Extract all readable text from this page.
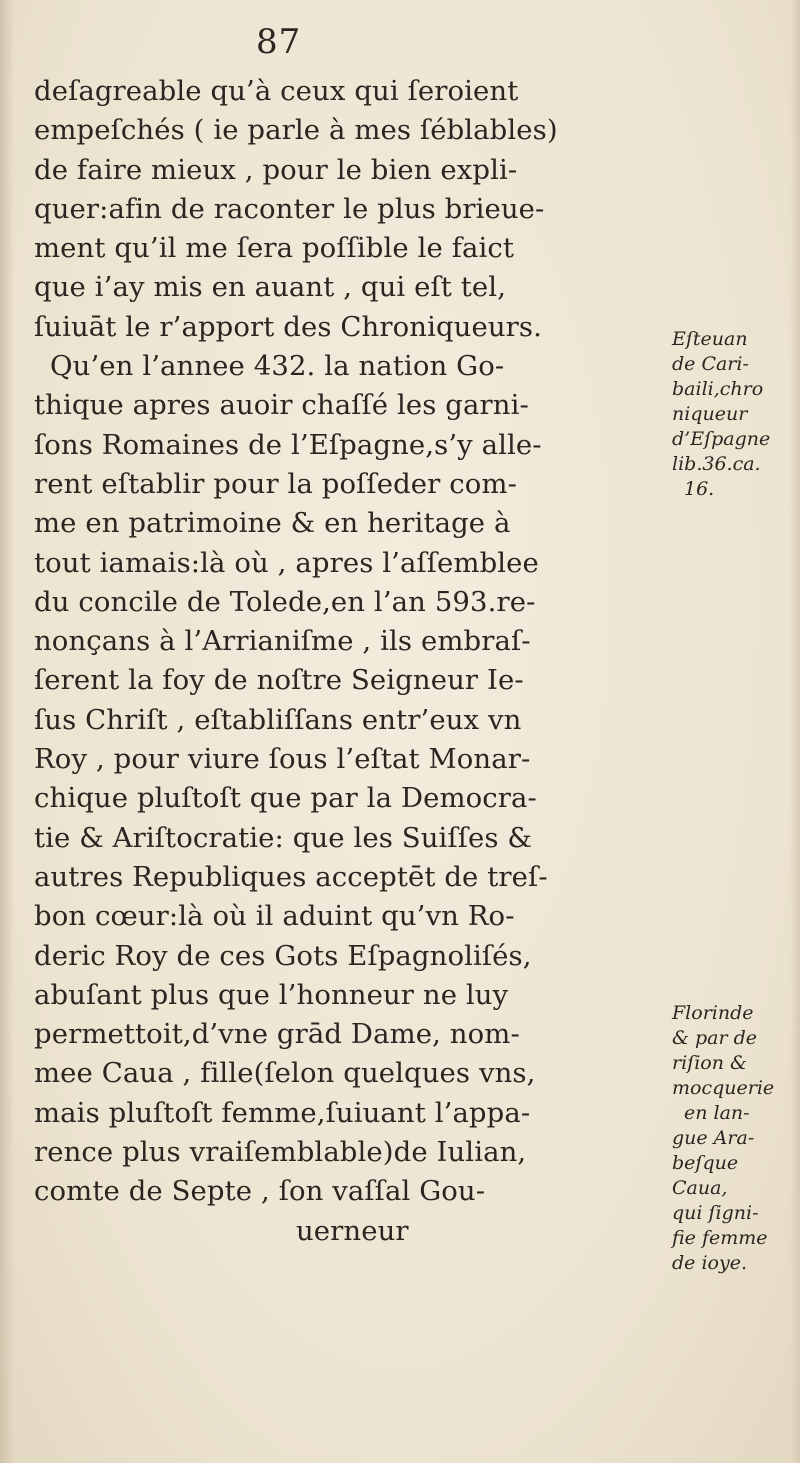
87
deſagreable qu’à ceux qui ſeroient
empeſchés ( ie parle à mes ſéblables)
de faire mieux , pour le bien expli-
quer:afin de raconter le plus brieue-
ment qu’il me ſera poſſible le faict
que i’ay mis en auant , qui eſt tel,
ſuiuāt le r’apport des Chroniqueurs.
Qu’en l’annee 432. la nation Go-
thique apres auoir chaſſé les garni-
ſons Romaines de l’Eſpagne,s’y alle-
rent eſtablir pour la poſſeder com-
me en patrimoine & en heritage à
tout iamais:là où , apres l’aſſemblee
du concile de Tolede,en l’an 593.re-
nonçans à l’Arrianiſme , ils embraſ-
ſerent la foy de noſtre Seigneur Ie-
ſus Chriſt , eſtabliſſans entr’eux vn
Roy , pour viure ſous l’eſtat Monar-
chique pluſtoſt que par la Democra-
tie & Ariſtocratie: que les Suiſſes &
autres Republiques acceptēt de treſ-
bon cœur:là où il aduint qu’vn Ro-
deric Roy de ces Gots Eſpagnoliſés,
abuſant plus que l’honneur ne luy
permettoit,d’vne grād Dame, nom-
mee Caua , fille(ſelon quelques vns,
mais pluſtoſt femme,ſuiuant l’appa-
rence plus vraiſemblable)de Iulian,
comte de Septe , ſon vaſſal Gou-
uerneur
Eſteuan
de Cari-
baili,chro
niqueur
d’Eſpagne
lib.36.ca.
16.
Florinde
& par de
riſion &
mocquerie
en lan-
gue Ara-
beſque
Caua,
qui ſigni-
fie femme
de ioye.
